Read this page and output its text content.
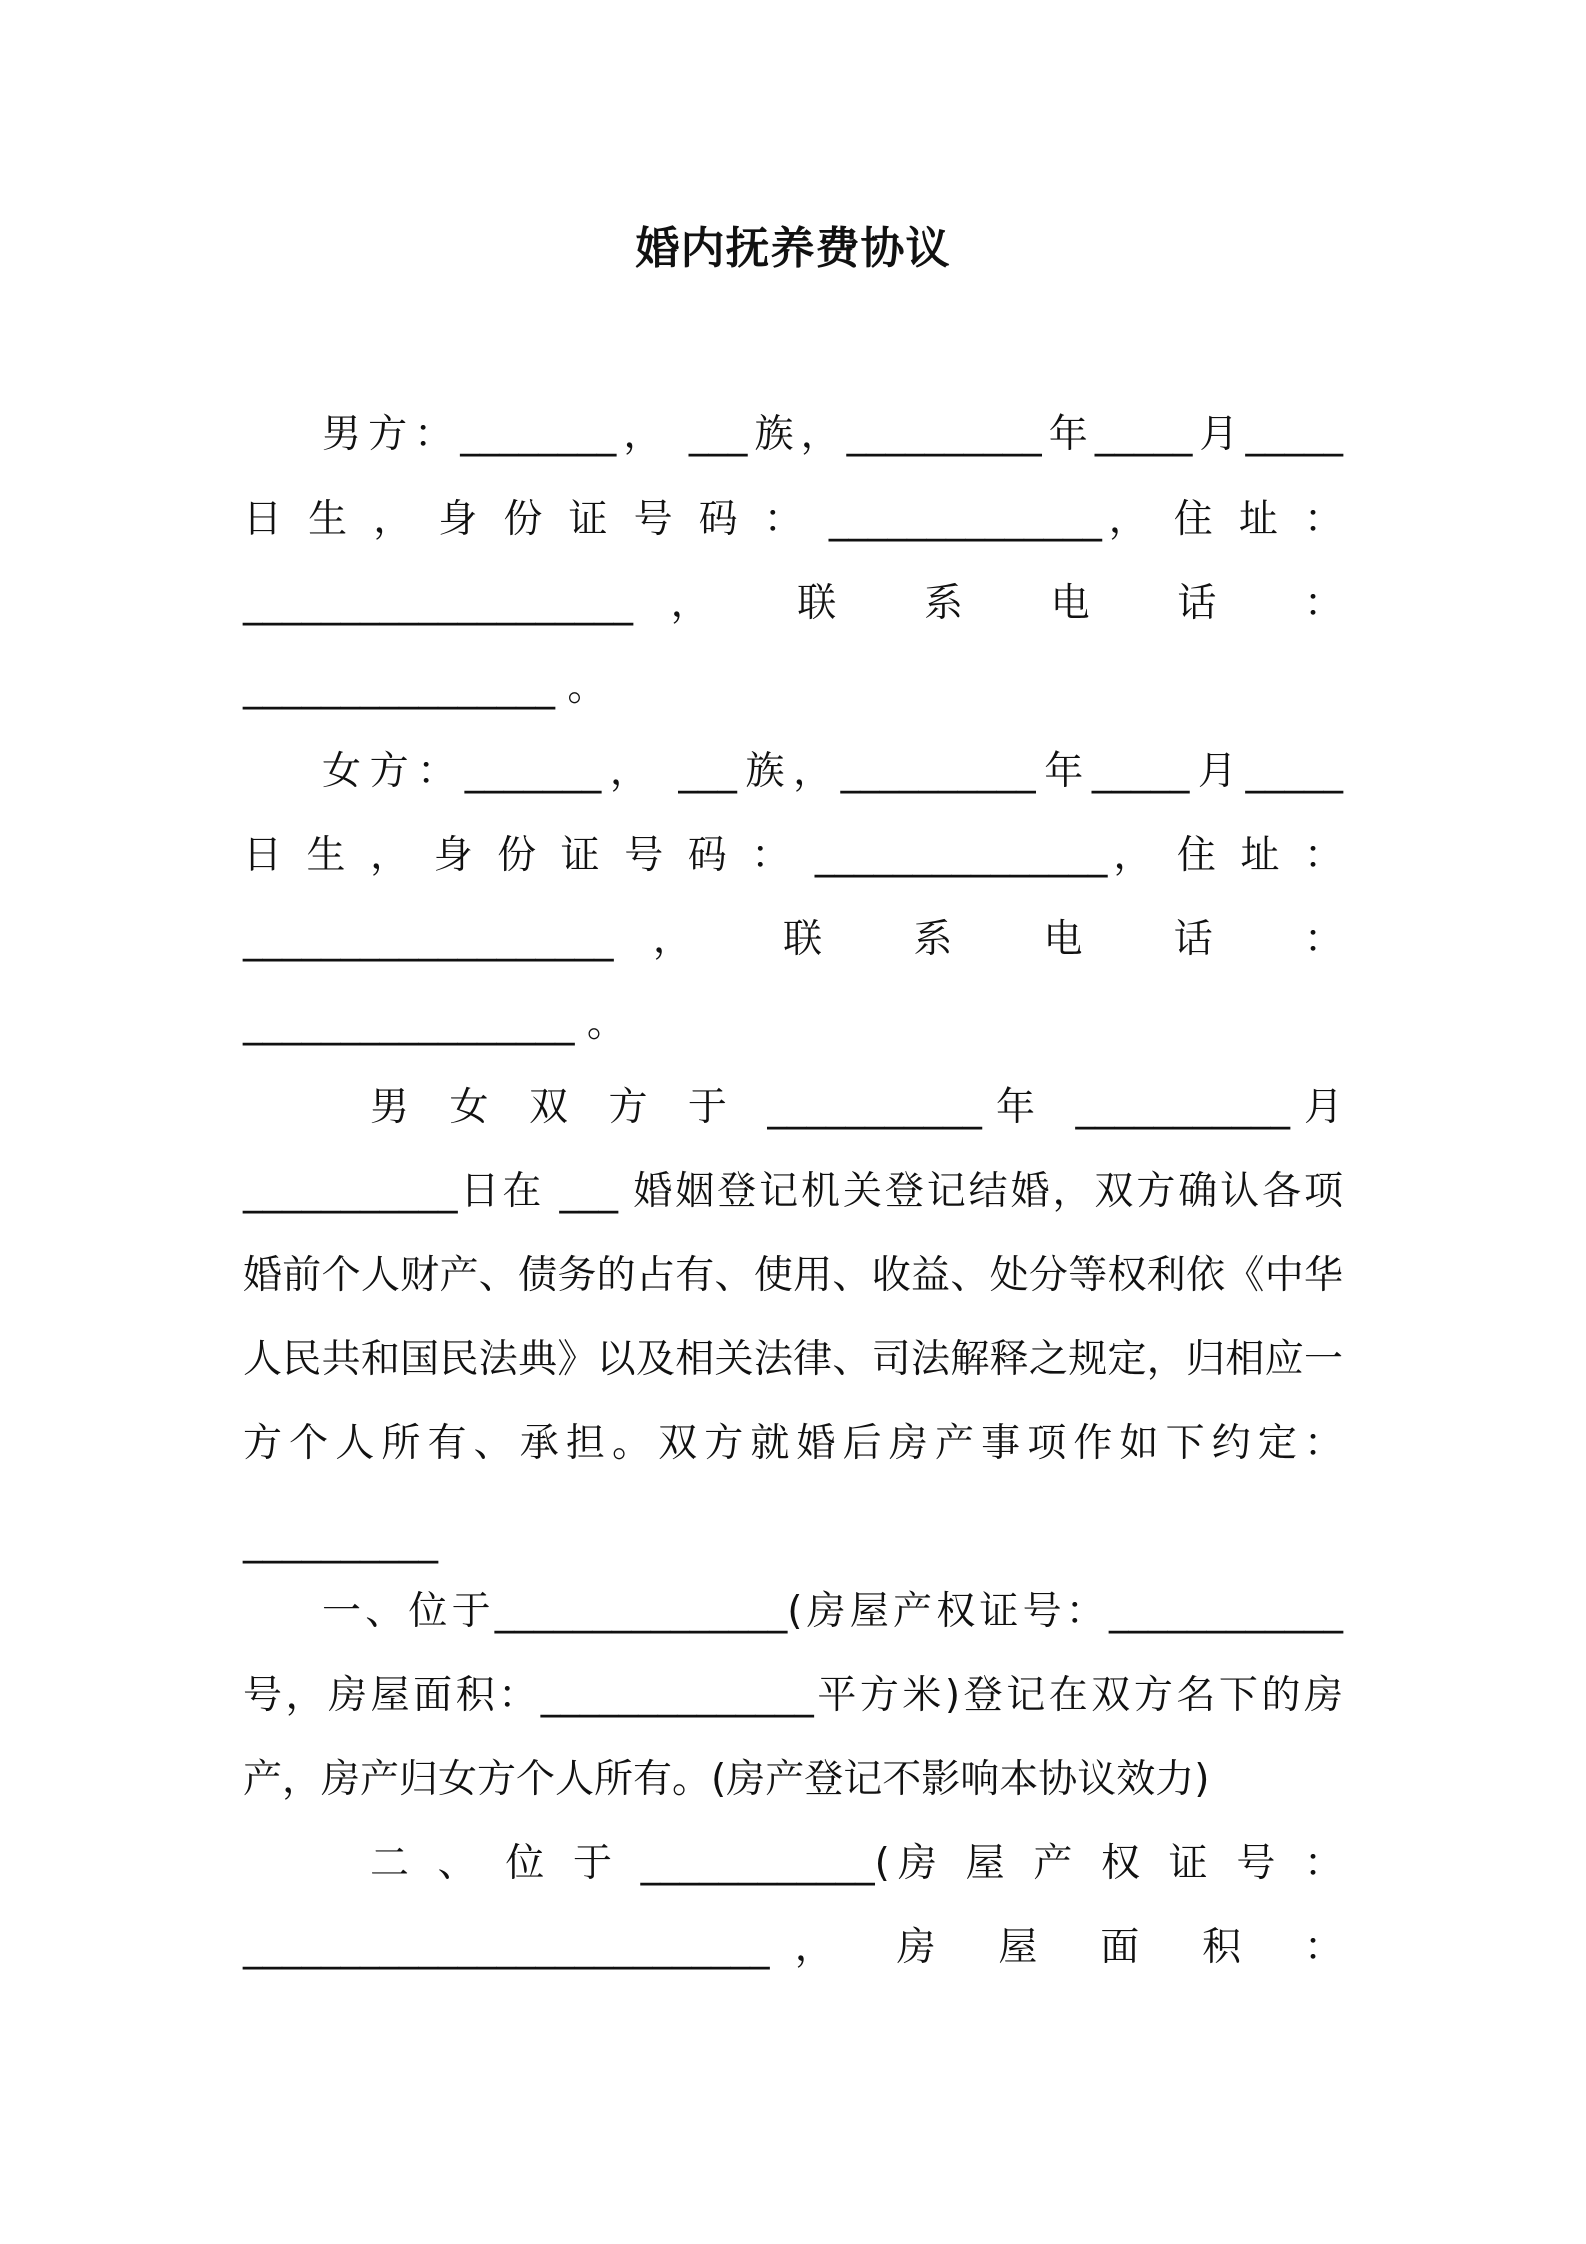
婚内抚养费协议
男方：________， ___族，__________年_____月_____
日 生 ， 身 份 证 号 码 ： ______________， 住 址 ：
____________________， 联 系 电 话 ：
________________ 。
女方：_______， ___族，__________年_____月_____
日 生 ， 身 份 证 号 码 ： _______________， 住 址 ：
___________________， 联 系 电 话 ：
_________________ 。
男 女 双 方 于 ___________年 ___________月
___________日在 ___ 婚姻登记机关登记结婚，双方确认各项
婚前个人财产、债务的占有、使用、收益、处分等权利依《中华
人民共和国民法典》以及相关法律、司法解释之规定，归相应一
方个人所有、承担。双方就婚后房产事项作如下约定：
__________
一、位于_______________(房屋产权证号：____________
号，房屋面积：______________平方米)登记在双方名下的房
产，房产归女方个人所有。(房产登记不影响本协议效力)
二 、 位 于 ____________(房 屋 产 权 证 号 ：
___________________________， 房 屋 面 积 ：
